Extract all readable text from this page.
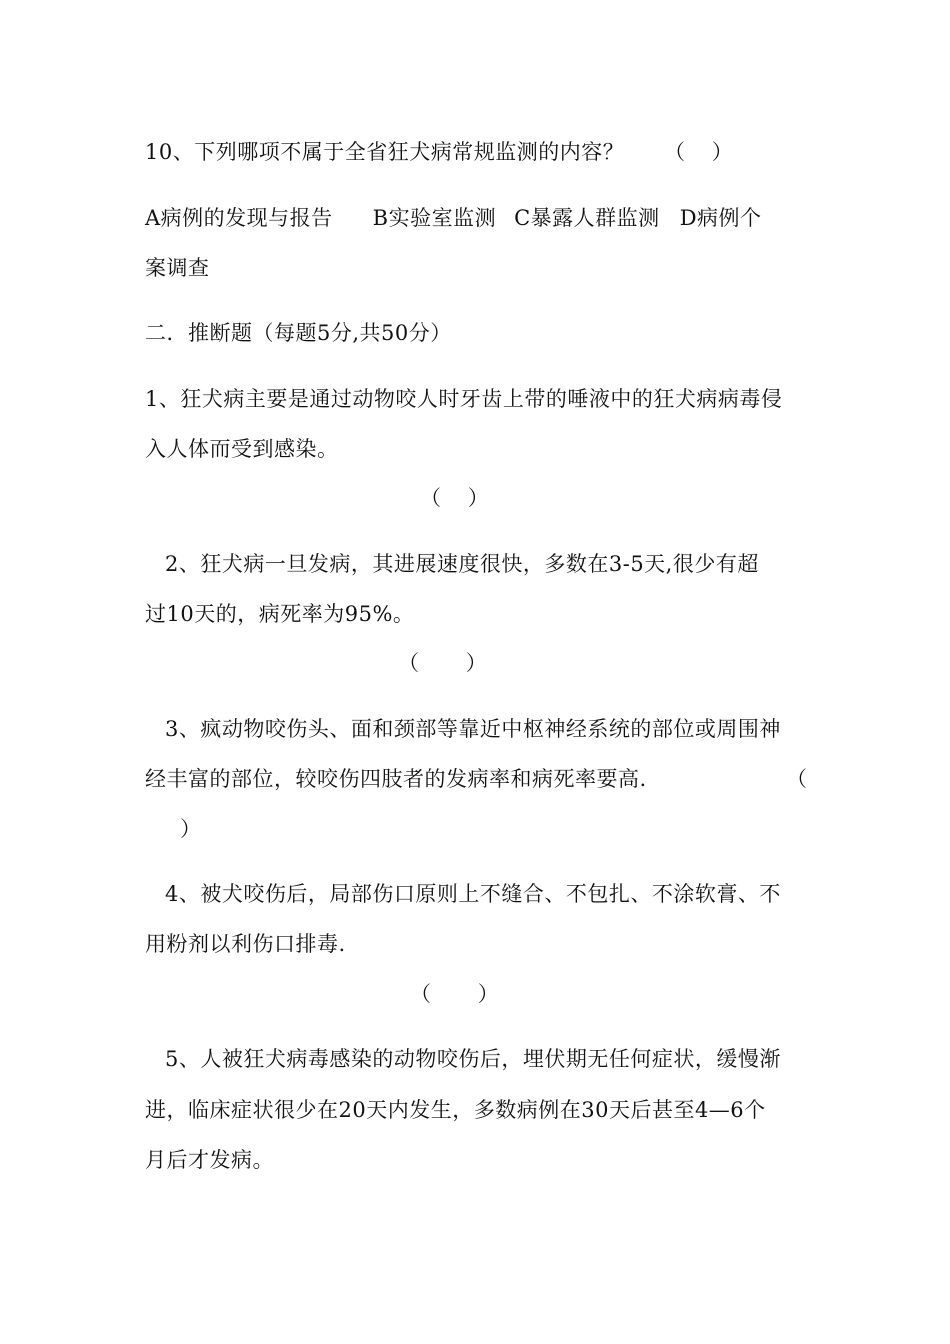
10、下列哪项不属于全省狂犬病常规监测的内容？	（    ）
A病例的发现与报告 B实验室监测 C暴露人群监测 D病例个
案调查
二．推断题（每题5分,共50分）
1、狂犬病主要是通过动物咬人时牙齿上带的唾液中的狂犬病病毒侵
入人体而受到感染。
（    ）
2、狂犬病一旦发病，其进展速度很快，多数在3-5天,很少有超
过10天的，病死率为95%。
（       ）
3、疯动物咬伤头、面和颈部等靠近中枢神经系统的部位或周围神
经丰富的部位，较咬伤四肢者的发病率和病死率要高.	（
）
4、被犬咬伤后，局部伤口原则上不缝合、不包扎、不涂软膏、不
用粉剂以利伤口排毒.
（       ）
5、人被狂犬病毒感染的动物咬伤后，埋伏期无任何症状，缓慢渐
进，临床症状很少在20天内发生，多数病例在30天后甚至4—6个
月后才发病。
